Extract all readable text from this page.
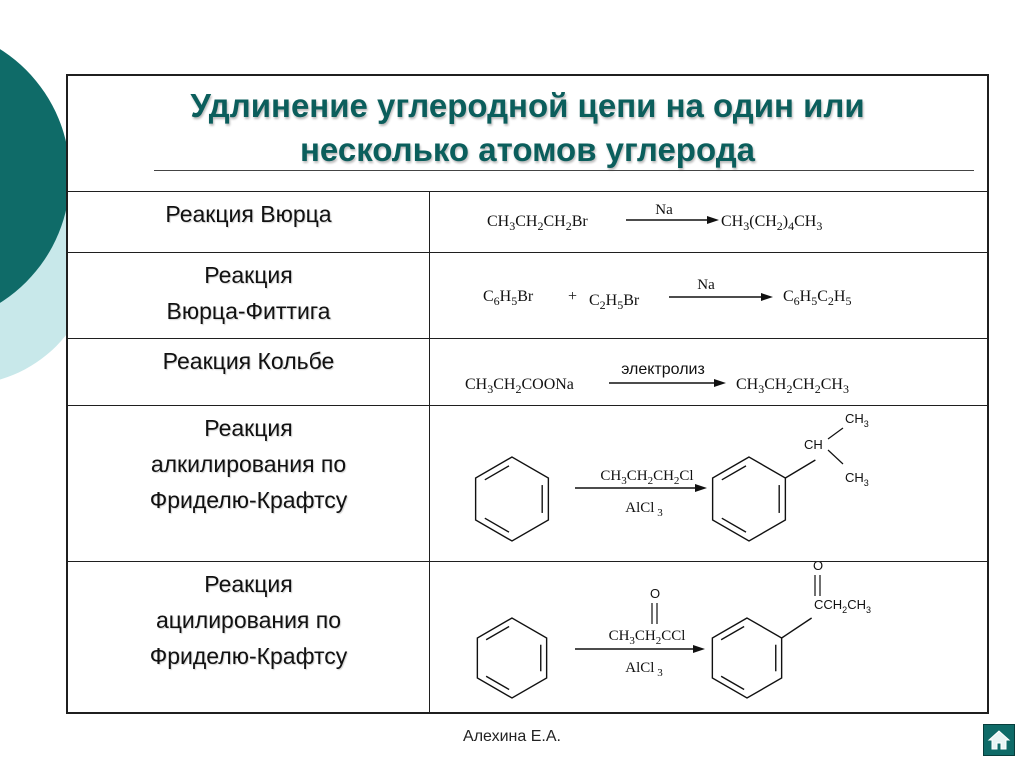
Удлинение углеродной цепи на один или
несколько атомов углерода
Реакция Вюрца	$CH_3CH_2CH_2Br$
Na
$CH_3(CH_2)_4CH_3$
Реакция
Вюрца-Фиттига
$C_6H_5Br + C_2H_5Br$
Na
$C_6H_5C_2H_5$
Реакция Кольбе
$CH_3CH_2COONa$
электролиз
$CH_3CH_2CH_2CH_3$
Реакция
алкилирования по
Фриделю-Крафтсу
$CH_3CH_2CH_2Cl$
AlCl $_3$
CH
$CH_3$
$CH_3$
Реакция
ацилирования по
Фриделю-Крафтсу
O
$CH_3CH_2CCl$
AlCl $_3$
O
$CCH_2CH_3$
Алехина Е.А.
